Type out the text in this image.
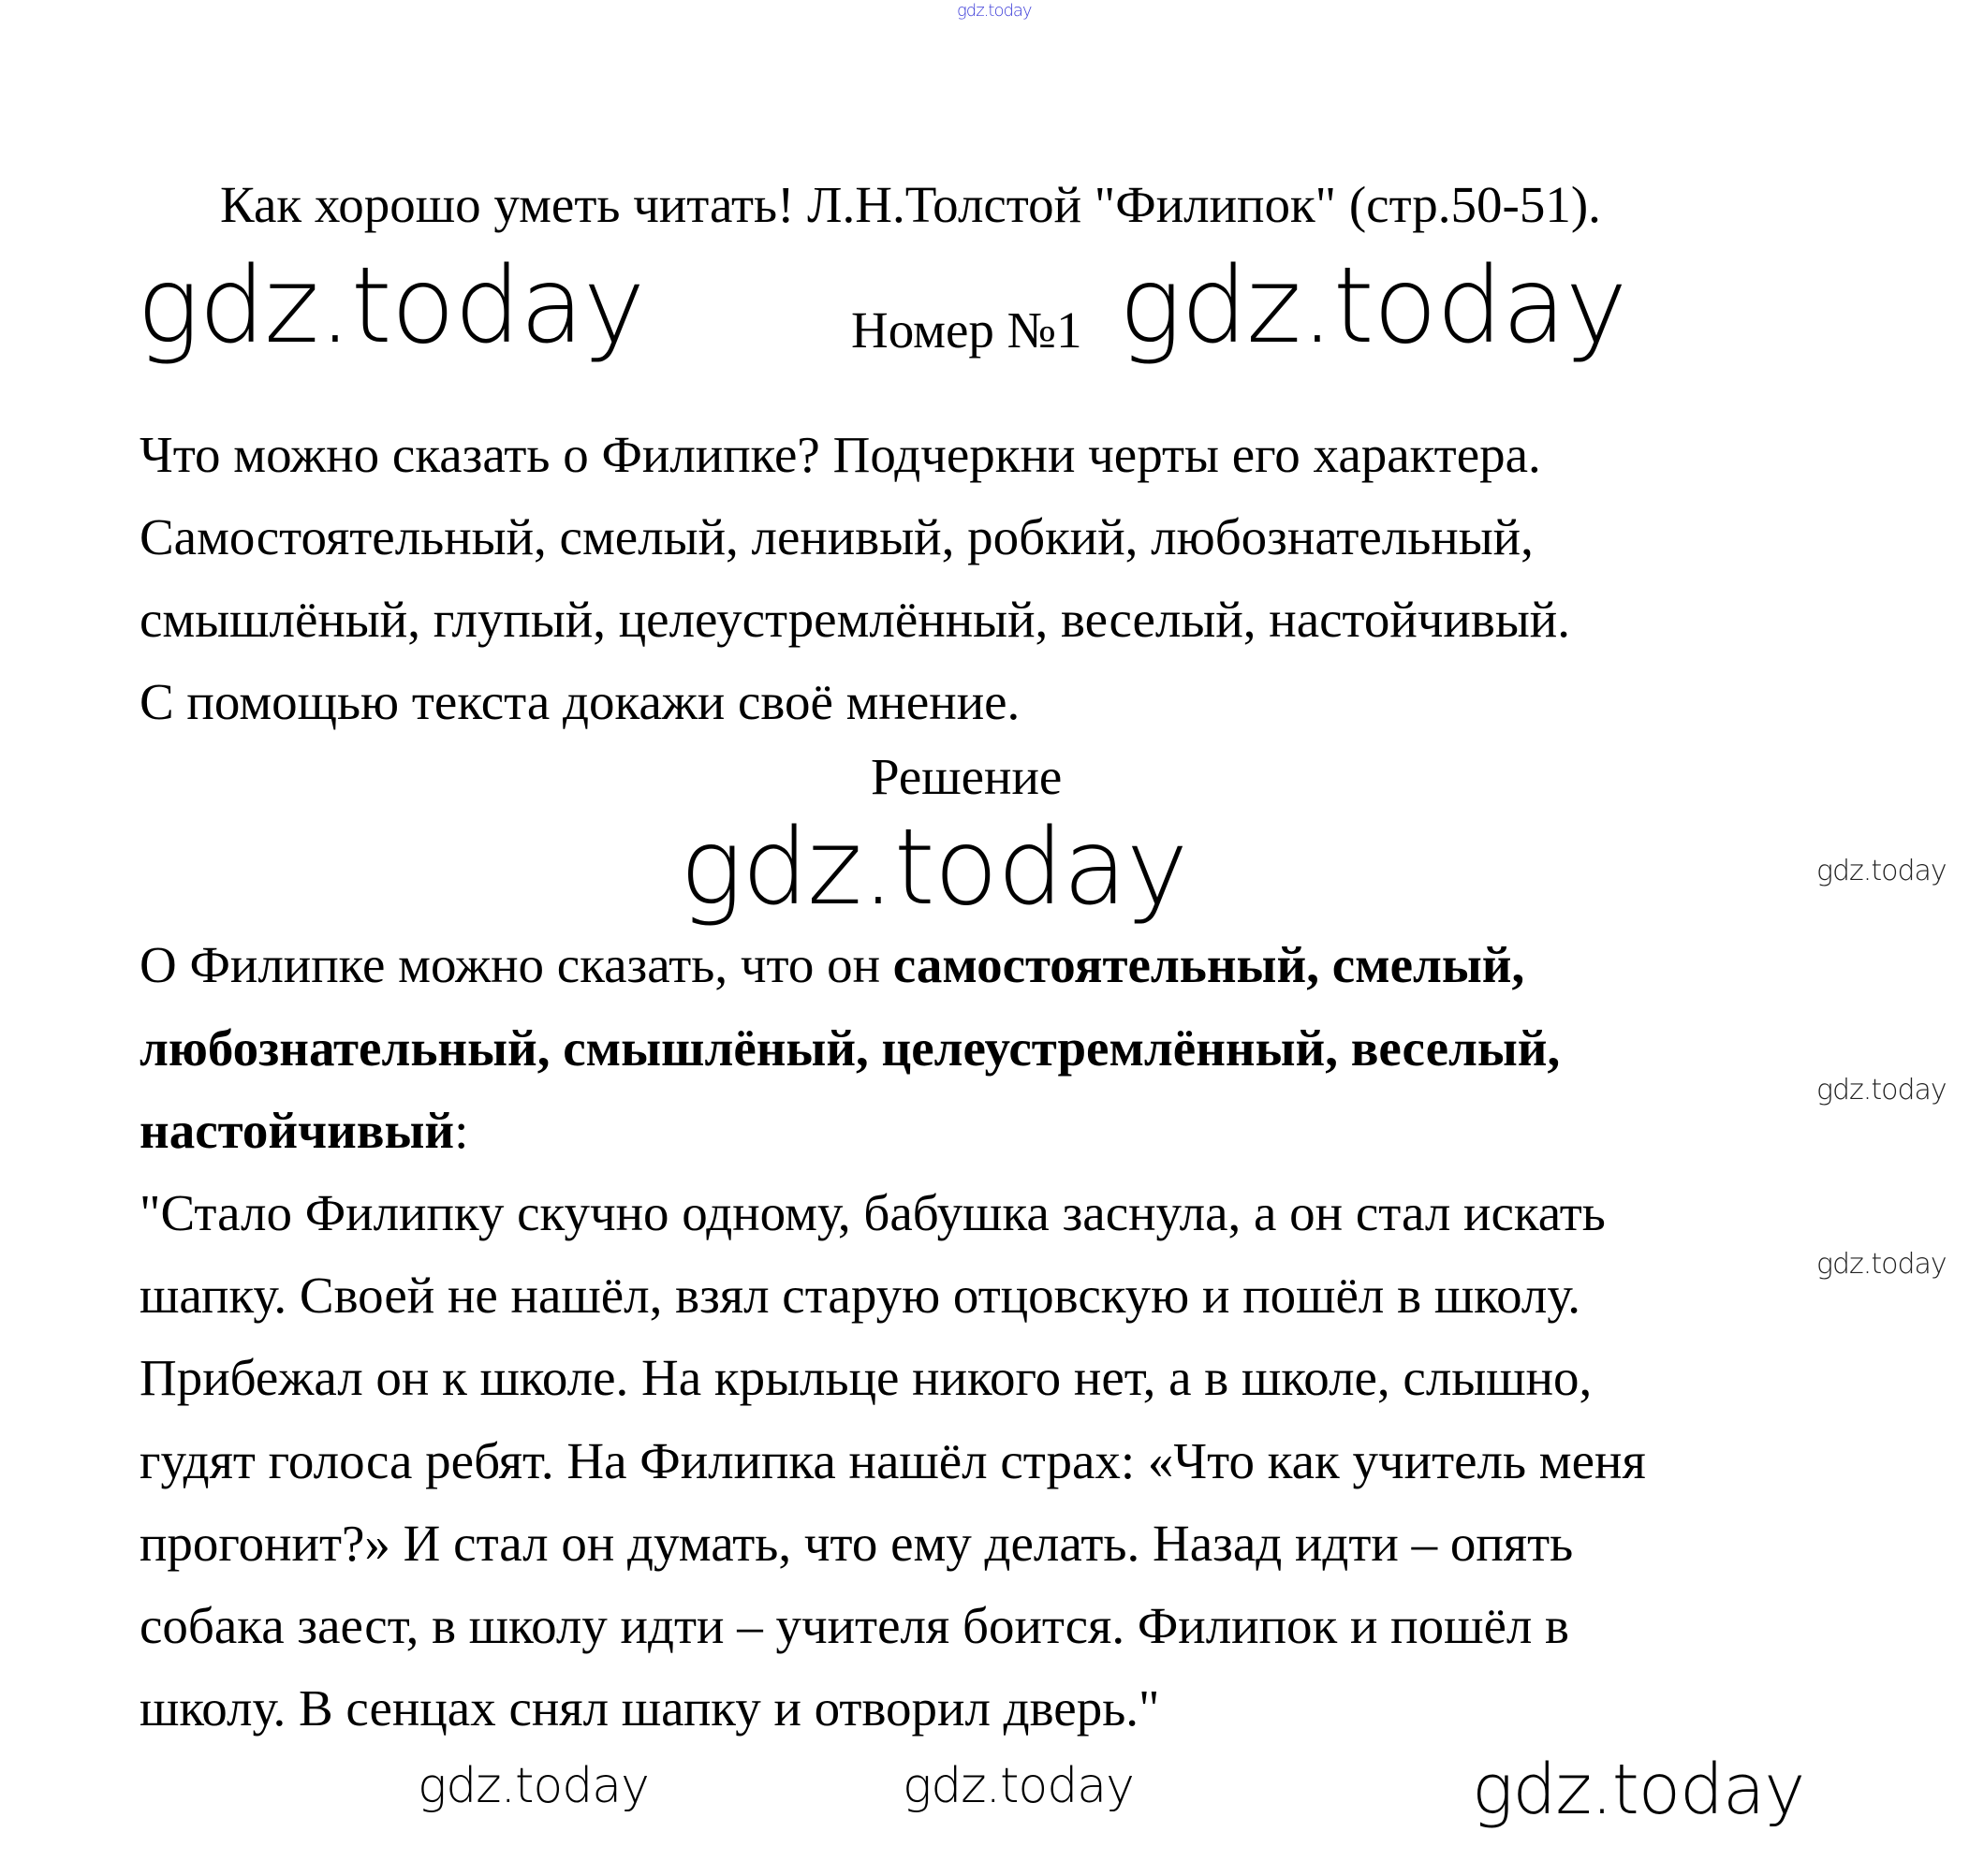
gdz.today
Как хорошо уметь читать! Л.Н.Толстой "Филипок" (стр.50-51).
gdz.today	Номер №1 gdz.today
Что можно сказать о Филипке? Подчеркни черты его характера.
Самостоятельный, смелый, ленивый, робкий, любознательный,
смышлёный, глупый, целеустремлённый, веселый, настойчивый.
С помощью текста докажи своё мнение.
Решение
gdz.today
gdz.today
О Филипке можно сказать, что он самостоятельный, смелый,
любознательный, смышлёный, целеустремлённый, веселый,
gdz.today
настойчивый:
"Стало Филипку скучно одному, бабушка заснула, а он стал искать
gdz.today
шапку. Своей не нашёл, взял старую отцовскую и пошёл в школу.
Прибежал он к школе. На крыльце никого нет, а в школе, слышно,
гудят голоса ребят. На Филипка нашёл страх: «Что как учитель меня
прогонит?» И стал он думать, что ему делать. Назад идти – опять
собака заест, в школу идти – учителя боится. Филипок и пошёл в
школу. В сенцах снял шапку и отворил дверь."
gdz.today	gdz.today	gdz.today
